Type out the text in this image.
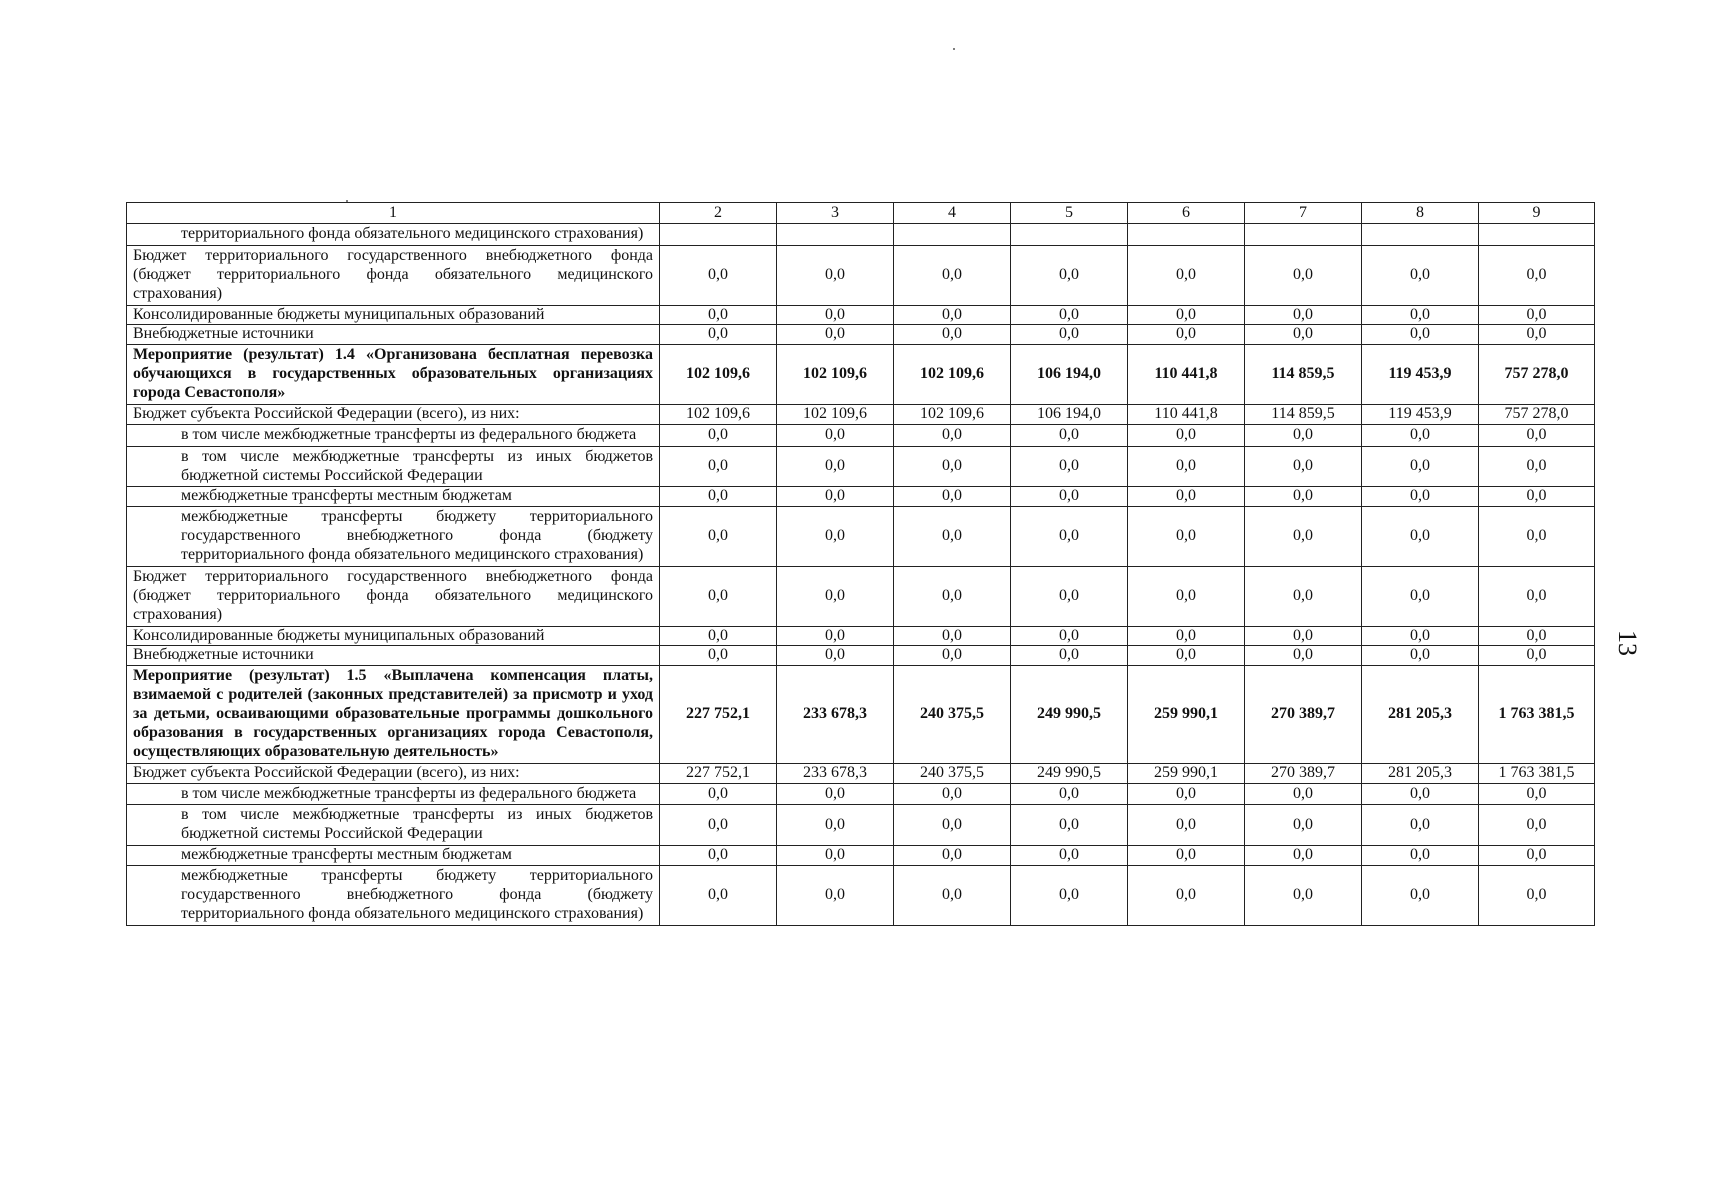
13
1	2	3	4	5	6	7	8	9
территориального фонда обязательного медицинского страхования)								
Бюджет территориального государственного внебюджетного фонда (бюджет территориального фонда обязательного медицинского страхования)	0,0	0,0	0,0	0,0	0,0	0,0	0,0	0,0
Консолидированные бюджеты муниципальных образований	0,0	0,0	0,0	0,0	0,0	0,0	0,0	0,0
Внебюджетные источники	0,0	0,0	0,0	0,0	0,0	0,0	0,0	0,0
Мероприятие (результат) 1.4 «Организована бесплатная перевозка обучающихся в государственных образовательных организациях города Севастополя»	102 109,6	102 109,6	102 109,6	106 194,0	110 441,8	114 859,5	119 453,9	757 278,0
Бюджет субъекта Российской Федерации (всего), из них:	102 109,6	102 109,6	102 109,6	106 194,0	110 441,8	114 859,5	119 453,9	757 278,0
в том числе межбюджетные трансферты из федерального бюджета	0,0	0,0	0,0	0,0	0,0	0,0	0,0	0,0
в том числе межбюджетные трансферты из иных бюджетов бюджетной системы Российской Федерации	0,0	0,0	0,0	0,0	0,0	0,0	0,0	0,0
межбюджетные трансферты местным бюджетам	0,0	0,0	0,0	0,0	0,0	0,0	0,0	0,0
межбюджетные трансферты бюджету территориального государственного внебюджетного фонда (бюджету территориального фонда обязательного медицинского страхования)	0,0	0,0	0,0	0,0	0,0	0,0	0,0	0,0
Бюджет территориального государственного внебюджетного фонда (бюджет территориального фонда обязательного медицинского страхования)	0,0	0,0	0,0	0,0	0,0	0,0	0,0	0,0
Консолидированные бюджеты муниципальных образований	0,0	0,0	0,0	0,0	0,0	0,0	0,0	0,0
Внебюджетные источники	0,0	0,0	0,0	0,0	0,0	0,0	0,0	0,0
Мероприятие (результат) 1.5 «Выплачена компенсация платы, взимаемой с родителей (законных представителей) за присмотр и уход за детьми, осваивающими образовательные программы дошкольного образования в государственных организациях города Севастополя, осуществляющих образовательную деятельность»	227 752,1	233 678,3	240 375,5	249 990,5	259 990,1	270 389,7	281 205,3	1 763 381,5
Бюджет субъекта Российской Федерации (всего), из них:	227 752,1	233 678,3	240 375,5	249 990,5	259 990,1	270 389,7	281 205,3	1 763 381,5
в том числе межбюджетные трансферты из федерального бюджета	0,0	0,0	0,0	0,0	0,0	0,0	0,0	0,0
в том числе межбюджетные трансферты из иных бюджетов бюджетной системы Российской Федерации	0,0	0,0	0,0	0,0	0,0	0,0	0,0	0,0
межбюджетные трансферты местным бюджетам	0,0	0,0	0,0	0,0	0,0	0,0	0,0	0,0
межбюджетные трансферты бюджету территориального государственного внебюджетного фонда (бюджету территориального фонда обязательного медицинского страхования)	0,0	0,0	0,0	0,0	0,0	0,0	0,0	0,0
